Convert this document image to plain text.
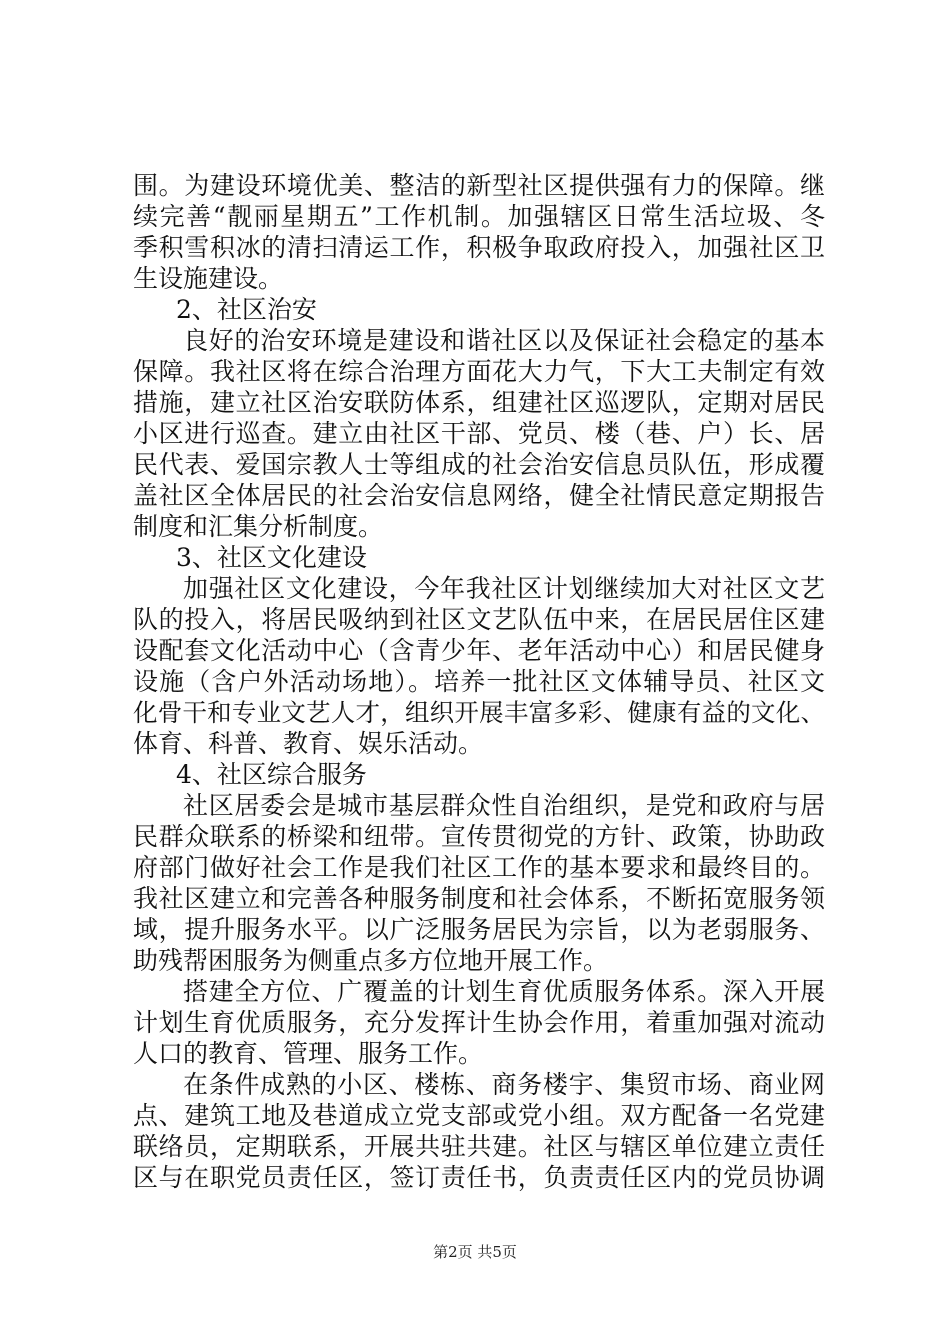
围。为建设环境优美、整洁的新型社区提供强有力的保障。继
续完善“靓丽星期五”工作机制。加强辖区日常生活垃圾、冬
季积雪积冰的清扫清运工作，积极争取政府投入，加强社区卫
生设施建设。
2、社区治安
良好的治安环境是建设和谐社区以及保证社会稳定的基本
保障。我社区将在综合治理方面花大力气，下大工夫制定有效
措施，建立社区治安联防体系，组建社区巡逻队，定期对居民
小区进行巡查。建立由社区干部、党员、楼（巷、户）长、居
民代表、爱国宗教人士等组成的社会治安信息员队伍，形成覆
盖社区全体居民的社会治安信息网络，健全社情民意定期报告
制度和汇集分析制度。
3、社区文化建设
加强社区文化建设，今年我社区计划继续加大对社区文艺
队的投入，将居民吸纳到社区文艺队伍中来，在居民居住区建
设配套文化活动中心（含青少年、老年活动中心）和居民健身
设施（含户外活动场地）。培养一批社区文体辅导员、社区文
化骨干和专业文艺人才，组织开展丰富多彩、健康有益的文化、
体育、科普、教育、娱乐活动。
4、社区综合服务
社区居委会是城市基层群众性自治组织，是党和政府与居
民群众联系的桥梁和纽带。宣传贯彻党的方针、政策，协助政
府部门做好社会工作是我们社区工作的基本要求和最终目的。
我社区建立和完善各种服务制度和社会体系，不断拓宽服务领
域，提升服务水平。以广泛服务居民为宗旨，以为老弱服务、
助残帮困服务为侧重点多方位地开展工作。
搭建全方位、广覆盖的计划生育优质服务体系。深入开展
计划生育优质服务，充分发挥计生协会作用，着重加强对流动
人口的教育、管理、服务工作。
在条件成熟的小区、楼栋、商务楼宇、集贸市场、商业网
点、建筑工地及巷道成立党支部或党小组。双方配备一名党建
联络员，定期联系，开展共驻共建。社区与辖区单位建立责任
区与在职党员责任区，签订责任书，负责责任区内的党员协调
第2页 共5页
